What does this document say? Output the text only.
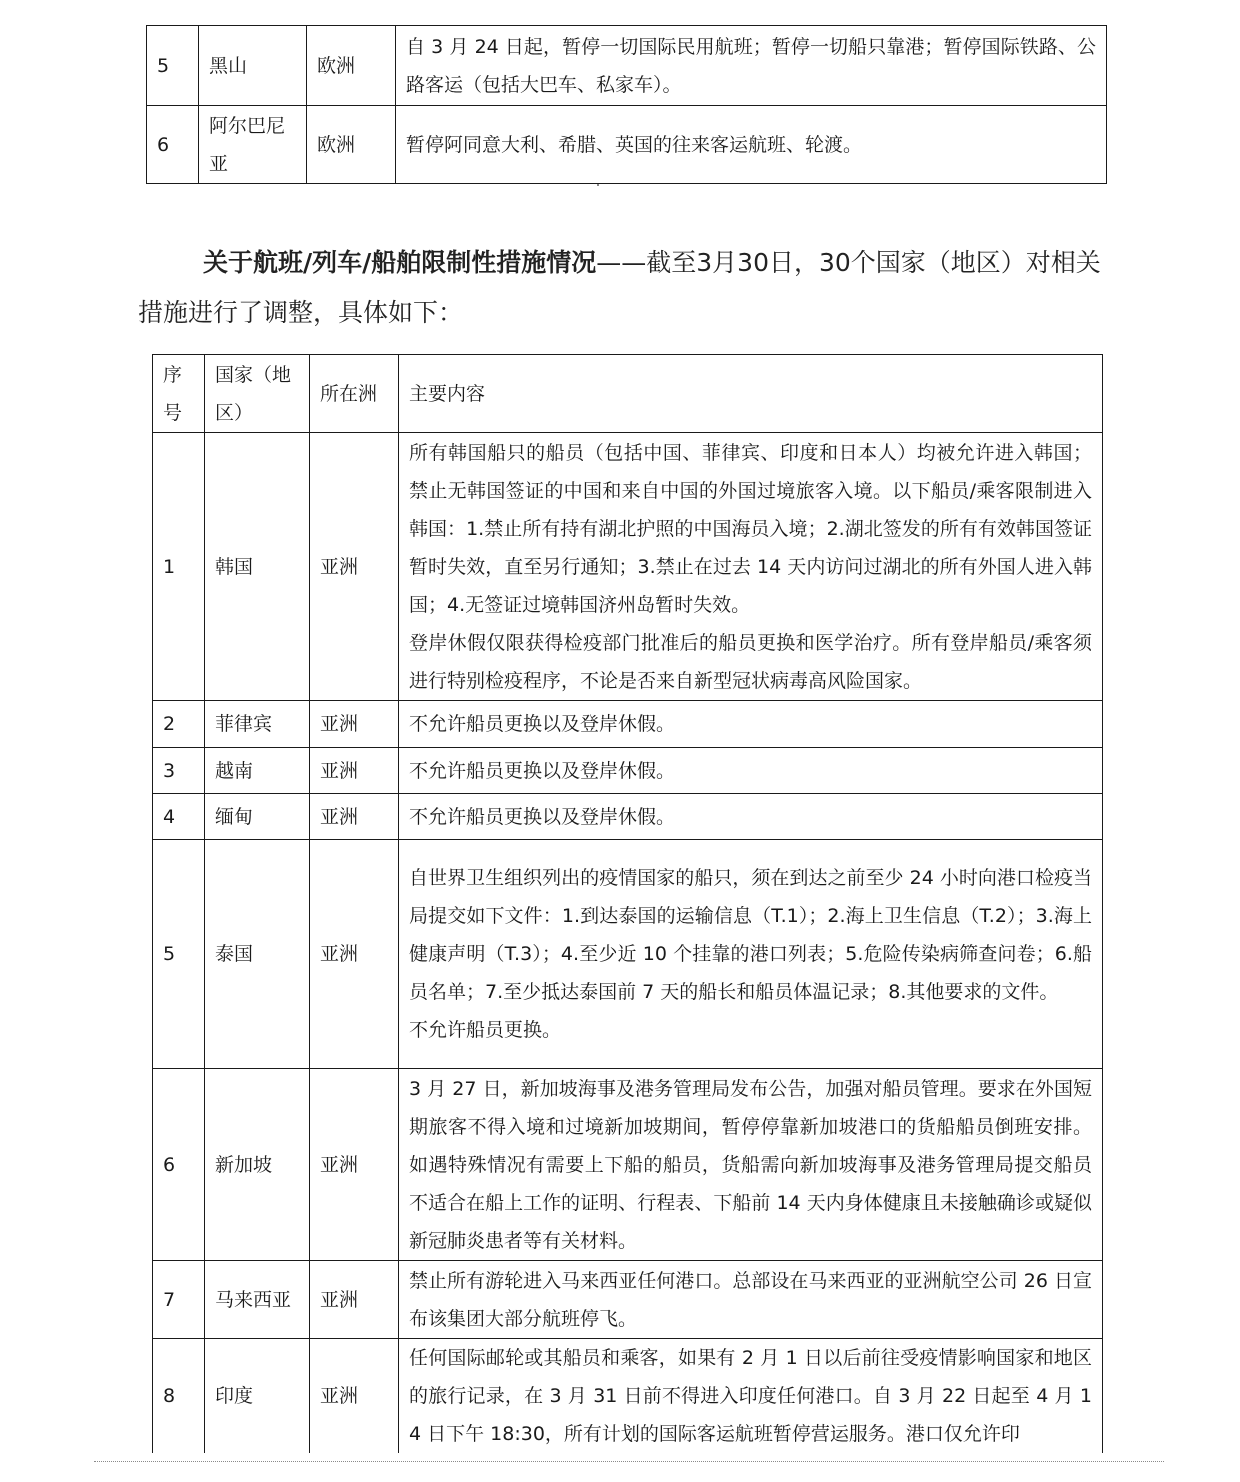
5	黑山	欧洲	自 3 月 24 日起，暂停一切国际民用航班；暂停一切船只靠港；暂停国际铁路、公路客运（包括大巴车、私家车）。
6	阿尔巴尼亚	欧洲	暂停阿同意大利、希腊、英国的往来客运航班、轮渡。

关于航班/列车/船舶限制性措施情况——截至3月30日，30个国家（地区）对相关措施进行了调整，具体如下：

序号	国家（地区）	所在洲	主要内容
1	韩国	亚洲	所有韩国船只的船员（包括中国、菲律宾、印度和日本人）均被允许进入韩国；禁止无韩国签证的中国和来自中国的外国过境旅客入境。以下船员/乘客限制进入韩国：1.禁止所有持有湖北护照的中国海员入境；2.湖北签发的所有有效韩国签证暂时失效，直至另行通知；3.禁止在过去 14 天内访问过湖北的所有外国人进入韩国；4.无签证过境韩国济州岛暂时失效。
登岸休假仅限获得检疫部门批准后的船员更换和医学治疗。所有登岸船员/乘客须进行特别检疫程序，不论是否来自新型冠状病毒高风险国家。

2	菲律宾	亚洲	不允许船员更换以及登岸休假。
3	越南	亚洲	不允许船员更换以及登岸休假。
4	缅甸	亚洲	不允许船员更换以及登岸休假。
5	泰国	亚洲	自世界卫生组织列出的疫情国家的船只，须在到达之前至少 24 小时向港口检疫当局提交如下文件：1.到达泰国的运输信息（T.1）；2.海上卫生信息（T.2）；3.海上健康声明（T.3）；4.至少近 10 个挂靠的港口列表；5.危险传染病筛查问卷；6.船员名单；7.至少抵达泰国前 7 天的船长和船员体温记录；8.其他要求的文件。
不允许船员更换。

6	新加坡	亚洲	3 月 27 日，新加坡海事及港务管理局发布公告，加强对船员管理。要求在外国短期旅客不得入境和过境新加坡期间，暂停停靠新加坡港口的货船船员倒班安排。如遇特殊情况有需要上下船的船员，货船需向新加坡海事及港务管理局提交船员不适合在船上工作的证明、行程表、下船前 14 天内身体健康且未接触确诊或疑似新冠肺炎患者等有关材料。
7	马来西亚	亚洲	禁止所有游轮进入马来西亚任何港口。总部设在马来西亚的亚洲航空公司 26 日宣布该集团大部分航班停飞。
8	印度	亚洲	任何国际邮轮或其船员和乘客，如果有 2 月 1 日以后前往受疫情影响国家和地区的旅行记录，在 3 月 31 日前不得进入印度任何港口。自 3 月 22 日起至 4 月 14 日下午 18:30，所有计划的国际客运航班暂停营运服务。港口仅允许印
